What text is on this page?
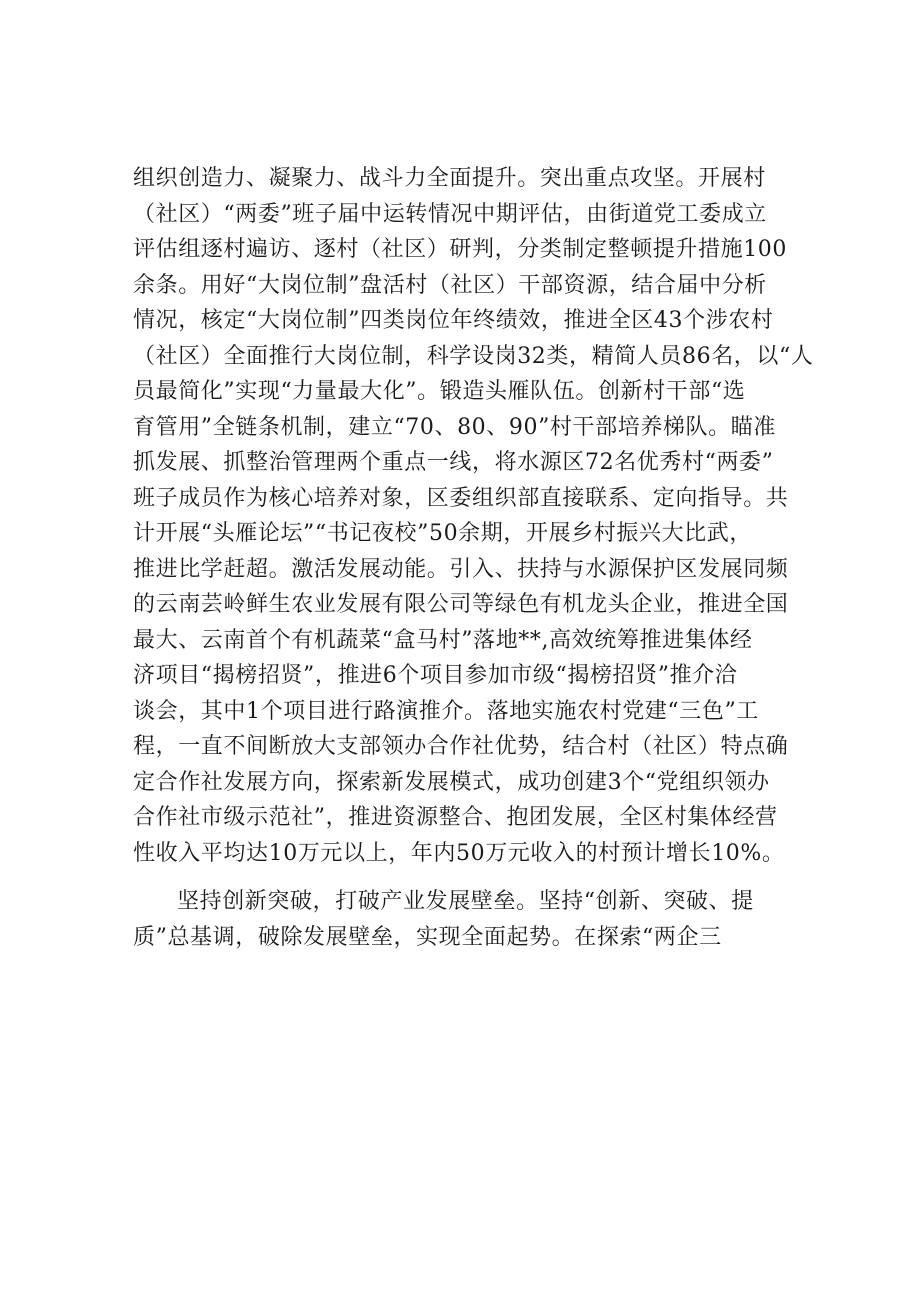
组织创造力、凝聚力、战斗力全面提升。突出重点攻坚。开展村
（社区）“两委”班子届中运转情况中期评估，由街道党工委成立
评估组逐村遍访、逐村（社区）研判，分类制定整顿提升措施100
余条。用好“大岗位制”盘活村（社区）干部资源，结合届中分析
情况，核定“大岗位制”四类岗位年终绩效，推进全区43个涉农村
（社区）全面推行大岗位制，科学设岗32类，精简人员86名，以“人
员最简化”实现“力量最大化”。锻造头雁队伍。创新村干部“选
育管用”全链条机制，建立“70、80、90”村干部培养梯队。瞄准
抓发展、抓整治管理两个重点一线，将水源区72名优秀村“两委”
班子成员作为核心培养对象，区委组织部直接联系、定向指导。共
计开展“头雁论坛”“书记夜校”50余期，开展乡村振兴大比武，
推进比学赶超。激活发展动能。引入、扶持与水源保护区发展同频
的云南芸岭鲜生农业发展有限公司等绿色有机龙头企业，推进全国
最大、云南首个有机蔬菜“盒马村”落地**,高效统筹推进集体经
济项目“揭榜招贤”，推进6个项目参加市级“揭榜招贤”推介洽
谈会，其中1个项目进行路演推介。落地实施农村党建“三色”工
程，一直不间断放大支部领办合作社优势，结合村（社区）特点确
定合作社发展方向，探索新发展模式，成功创建3个“党组织领办
合作社市级示范社”，推进资源整合、抱团发展，全区村集体经营
性收入平均达10万元以上，年内50万元收入的村预计增长10%。
坚持创新突破，打破产业发展壁垒。坚持“创新、突破、提
质”总基调，破除发展壁垒，实现全面起势。在探索“两企三
